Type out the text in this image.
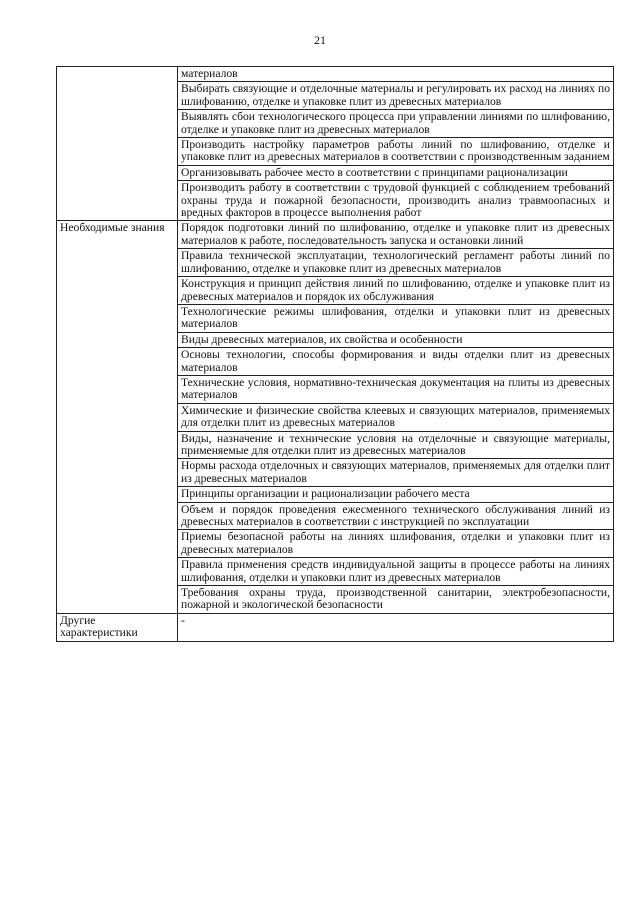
21
	материалов
	Выбирать связующие и отделочные материалы и регулировать их расход на линиях по шлифованию, отделке и упаковке плит из древесных материалов
	Выявлять сбои технологического процесса при управлении линиями по шлифованию, отделке и упаковке плит из древесных материалов
	Производить настройку параметров работы линий по шлифованию, отделке и упаковке плит из древесных материалов в соответствии с производственным заданием
	Организовывать рабочее место в соответствии с принципами рационализации
	Производить работу в соответствии с трудовой функцией с соблюдением требований охраны труда и пожарной безопасности, производить анализ травмоопасных и вредных факторов в процессе выполнения работ
Необходимые знания	Порядок подготовки линий по шлифованию, отделке и упаковке плит из древесных материалов к работе, последовательность запуска и остановки линий
	Правила технической эксплуатации, технологический регламент работы линий по шлифованию, отделке и упаковке плит из древесных материалов
	Конструкция и принцип действия линий по шлифованию, отделке и упаковке плит из древесных материалов и порядок их обслуживания
	Технологические режимы шлифования, отделки и упаковки плит из древесных материалов
	Виды древесных материалов, их свойства и особенности
	Основы технологии, способы формирования и виды отделки плит из древесных материалов
	Технические условия, нормативно-техническая документация на плиты из древесных материалов
	Химические и физические свойства клеевых и связующих материалов, применяемых для отделки плит из древесных материалов
	Виды, назначение и технические условия на отделочные и связующие материалы, применяемые для отделки плит из древесных материалов
	Нормы расхода отделочных и связующих материалов, применяемых для отделки плит из древесных материалов
	Принципы организации и рационализации рабочего места
	Объем и порядок проведения ежесменного технического обслуживания линий из древесных материалов в соответствии с инструкцией по эксплуатации
	Приемы безопасной работы на линиях шлифования, отделки и упаковки плит из древесных материалов
	Правила применения средств индивидуальной защиты в процессе работы на линиях шлифования, отделки и упаковки плит из древесных материалов
	Требования охраны труда, производственной санитарии, электробезопасности, пожарной и экологической безопасности
Другие характеристики	-
